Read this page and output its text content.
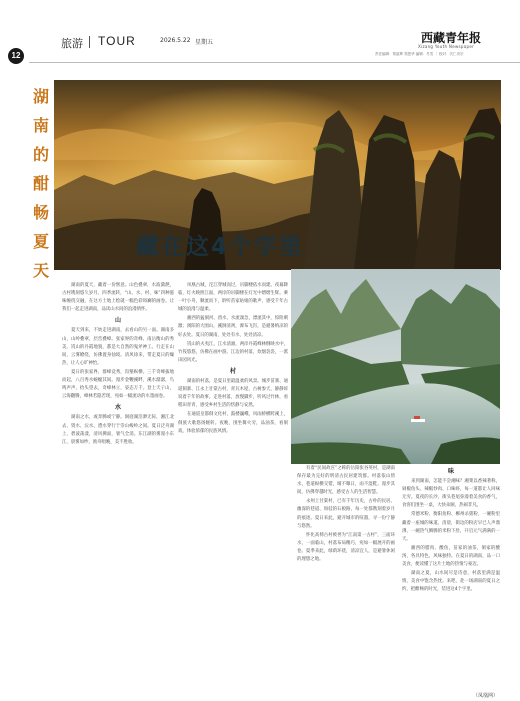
12
旅游 TOUR	2026.5.22 星期五	西藏青年报
Xizang Youth Newspaper
责任编辑：郑祖辉 郑恩华 编辑：冬雪 ｜ 校对：次仁央宗
湖
南
的
酣
畅
夏
天
藏在这4个字里

湖南的夏天，藏着一份惬意。山色叠翠，水波潋滟，古村镌刻悠久岁月，四季流转，“山、水、村、味”四种滋味缠绕交融，在这方土地上绘就一幅色彩斑斓的画卷。让我们一起走进湖南，品读山水间的浪漫情怀。

山

夏天到来，不妨走进湖南，去看山的另一面。湖南多山，山岭叠翠，层峦叠嶂。张家界的奇峰、南岳衡山的秀美、崀山的丹霞地貌，都是大自然的鬼斧神工。行走在山间，云雾缭绕，仿佛置身仙境。清风徐来，带走夏日的燥热，让人心旷神怡。

夏日的张家界，群峰竞秀，沟壑纵横。三千奇峰拔地而起，八百秀水蜿蜒其间。漫步金鞭溪畔，溪水潺潺，鸟鸣声声，抬头望去，奇峰林立，姿态万千。登上天子山，云海翻腾，峰林若隐若现，宛如一幅流动的水墨画卷。

水

湖南之水，或奔腾或宁静。洞庭湖浩渺无际，湘江北去，资水、沅水、澧水穿行于崇山峻岭之间。夏日泛舟湖上，碧波荡漾，清风拂面，暑气全消。东江湖的雾漫小东江，晨雾如纱，渔舟唱晚，美不胜收。

凤凰古城，沱江穿城而过，吊脚楼依水而建。夜幕降临，灯火映照江面，两岸的吊脚楼在灯光中熠熠生辉。乘一叶小舟，顺流而下，聆听苗家姑娘的歌声，感受千年古城的浪漫与温柔。

湘西的猛洞河、酉水，水流湍急，漂流其中，惊险刺激；浏阳的大围山，溪涧清冽，瀑布飞泻，是避暑纳凉的好去处。夏日的湖南，处处有水，处处清凉。

崀山的夫夷江，江水清澈，两岸丹霞峰林倒映水中，竹筏悠悠，仿佛在画中游。江边的村落，炊烟袅袅，一派田园风光。

村

湖南的村落，是夏日里最温柔的风景。城步苗寨、通道侗寨、江永上甘棠古村，青瓦木屋，古树参天，静静诉说着千年的故事。走进村落，放慢脚步，听风过竹林，看稻田青青，感受乡村生活的恬静与安然。

在通道皇都侗文化村，鼓楼巍峨，风雨桥横跨溪上，侗族大歌悠扬婉转。夜晚，围坐篝火旁，品油茶，看侗戏，体验浓郁的民族风情。

有着“民间故宫”之称的岳阳张谷英村，是湖南保存最为完好的明清古民居建筑群。村落依山傍水，巷道纵横交错，晴不曝日，雨不湿鞋。漫步其间，仿佛穿越时光，感受古人的生活智慧。

永州上甘棠村，已有千年历史，古朴的民居、幽深的巷道、斑驳的石板路，每一处都镌刻着岁月的痕迹。夏日来此，避开城市的喧嚣，寻一份宁静与悠然。

怀化高椅古村被誉为“江南第一古村”，三面环水，一面临山，村落布局精巧，宛如一幅展开的画卷。夏季来此，绿荫环绕，清凉宜人，是避暑休闲的理想之地。

味

来到湖南，怎能不尝湘味？湘菜以香辣著称，剁椒鱼头、辣椒炒肉、口味虾，每一道都让人回味无穷。夏夜的长沙，街头巷尾弥漫着美食的香气，食客们围坐一桌，大快朵颐，热闹非凡。

常德米粉、衡阳鱼粉、郴州杀猪粉，一碗粉里藏着一座城的味道。清晨，街边的粉店早已人声鼎沸，一碗热气腾腾的米粉下肚，开启元气满满的一天。

湘西的腊肉、酸鱼，苗家的油茶，侗家的酸汤，各具特色，风味独特。在夏日的湖南，品一口美食，便读懂了这片土地的热情与豪迈。

湖南之夏，山水间尽是诗意，村落里满是温情，美食中饱含热忱。来吧，赴一场湖南的夏日之约，把酣畅的时光，装进这4个字里。

（凤凰网）
